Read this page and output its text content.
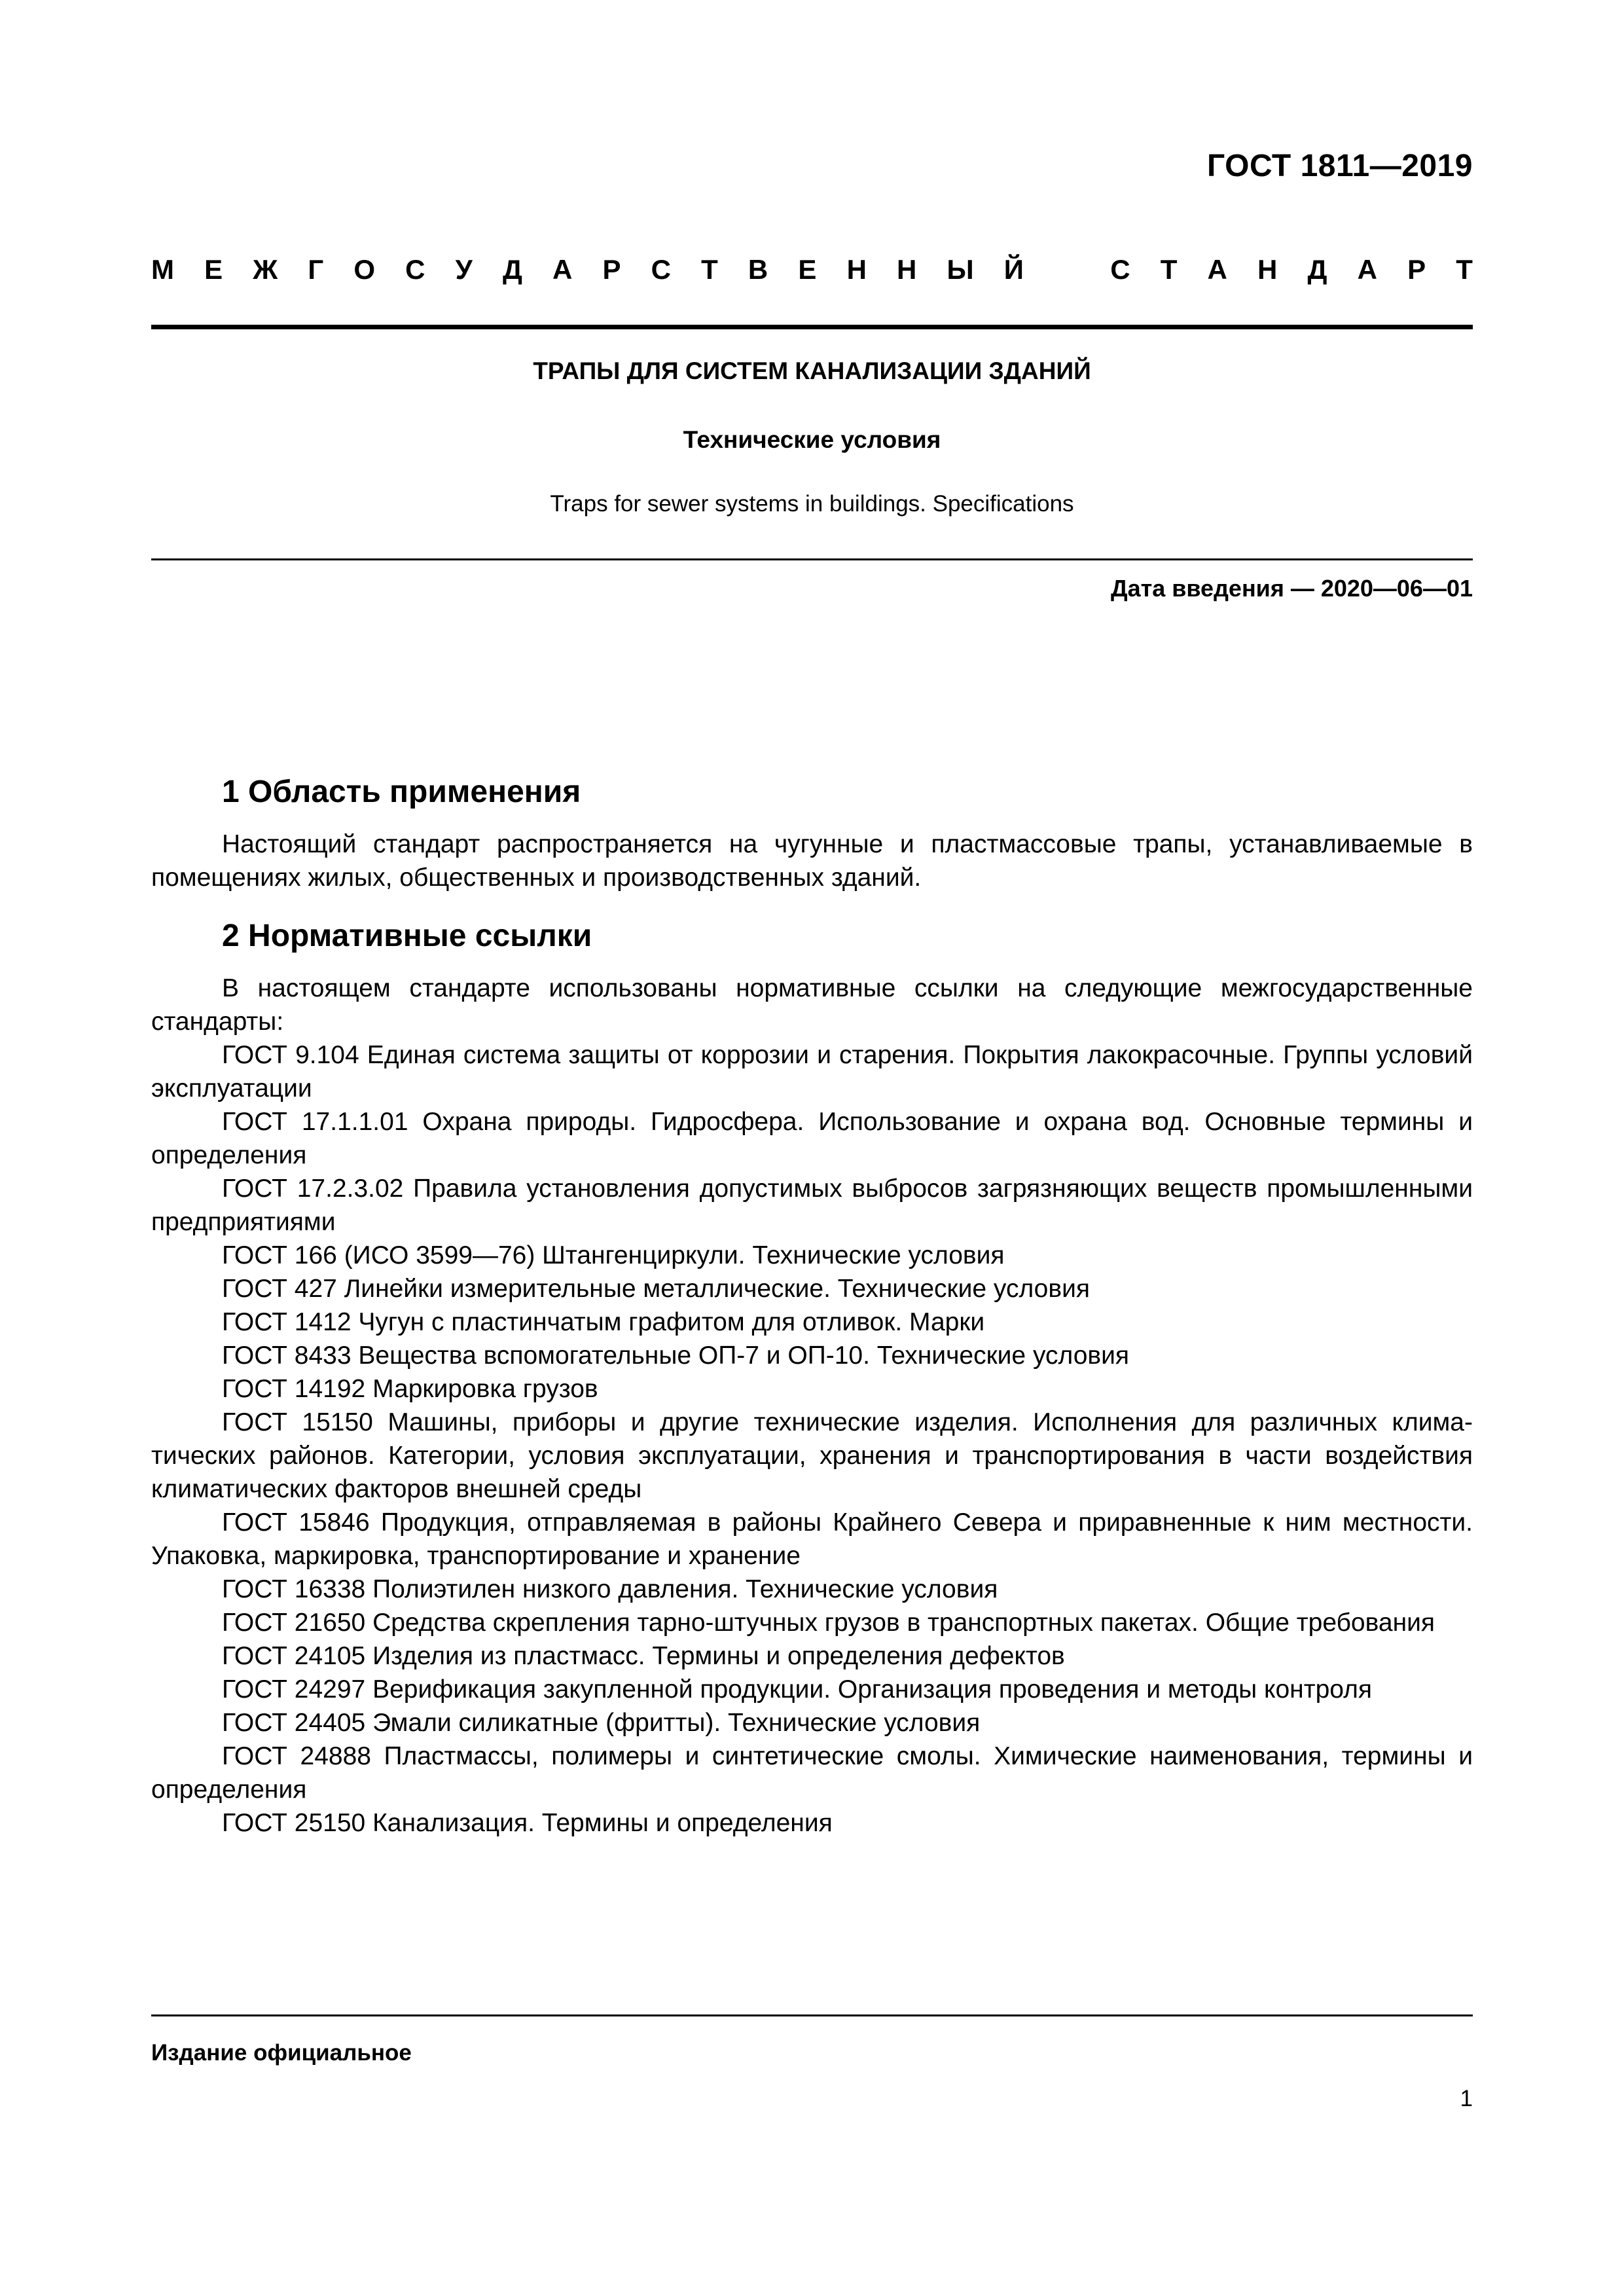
ГОСТ 1811—2019
М Е Ж Г О С У Д А Р С Т В Е Н Н Ы Й	С Т А Н Д А Р Т
ТРАПЫ ДЛЯ СИСТЕМ КАНАЛИЗАЦИИ ЗДАНИЙ
Технические условия
Traps for sewer systems in buildings. Specifications
Дата введения — 2020—06—01
1 Область применения

Настоящий стандарт распространяется на чугунные и пластмассовые трапы, устанавливаемые в помещениях жилых, общественных и производственных зданий.

2 Нормативные ссылки

В настоящем стандарте использованы нормативные ссылки на следующие межгосударственные стандарты:

ГОСТ 9.104 Единая система защиты от коррозии и старения. Покрытия лакокрасочные. Группы условий эксплуатации

ГОСТ 17.1.1.01 Охрана природы. Гидросфера. Использование и охрана вод. Основные термины и определения

ГОСТ 17.2.3.02 Правила установления допустимых выбросов загрязняющих веществ промышленными предприятиями

ГОСТ 166 (ИСО 3599—76) Штангенциркули. Технические условия

ГОСТ 427 Линейки измерительные металлические. Технические условия

ГОСТ 1412 Чугун с пластинчатым графитом для отливок. Марки

ГОСТ 8433 Вещества вспомогательные ОП-7 и ОП-10. Технические условия

ГОСТ 14192 Маркировка грузов

ГОСТ 15150 Машины, приборы и другие технические изделия. Исполнения для различных климатических районов. Категории, условия эксплуатации, хранения и транспортирования в части воздействия климатических факторов внешней среды

ГОСТ 15846 Продукция, отправляемая в районы Крайнего Севера и приравненные к ним местности. Упаковка, маркировка, транспортирование и хранение

ГОСТ 16338 Полиэтилен низкого давления. Технические условия

ГОСТ 21650 Средства скрепления тарно-штучных грузов в транспортных пакетах. Общие требования

ГОСТ 24105 Изделия из пластмасс. Термины и определения дефектов

ГОСТ 24297 Верификация закупленной продукции. Организация проведения и методы контроля

ГОСТ 24405 Эмали силикатные (фритты). Технические условия

ГОСТ 24888 Пластмассы, полимеры и синтетические смолы. Химические наименования, термины и определения

ГОСТ 25150 Канализация. Термины и определения

Издание официальное
1
